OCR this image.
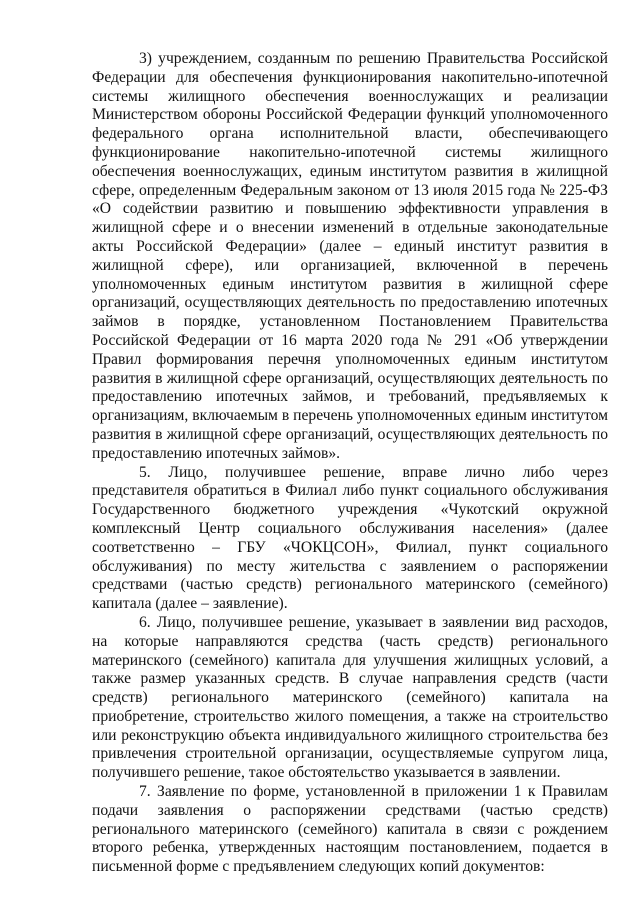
3) учреждением, созданным по решению Правительства Российской Федерации для обеспечения функционирования накопительно-ипотечной системы жилищного обеспечения военнослужащих и реализации Министерством обороны Российской Федерации функций уполномоченного федерального органа исполнительной власти, обеспечивающего функционирование накопительно-ипотечной системы жилищного обеспечения военнослужащих, единым институтом развития в жилищной сфере, определенным Федеральным законом от 13 июля 2015 года № 225-ФЗ «О содействии развитию и повышению эффективности управления в жилищной сфере и о внесении изменений в отдельные законодательные акты Российской Федерации» (далее – единый институт развития в жилищной сфере), или организацией, включенной в перечень уполномоченных единым институтом развития в жилищной сфере организаций, осуществляющих деятельность по предоставлению ипотечных займов в порядке, установленном Постановлением Правительства Российской Федерации от 16 марта 2020 года № 291 «Об утверждении Правил формирования перечня уполномоченных единым институтом развития в жилищной сфере организаций, осуществляющих деятельность по предоставлению ипотечных займов, и требований, предъявляемых к организациям, включаемым в перечень уполномоченных единым институтом развития в жилищной сфере организаций, осуществляющих деятельность по предоставлению ипотечных займов».

5. Лицо, получившее решение, вправе лично либо через представителя обратиться в Филиал либо пункт социального обслуживания Государственного бюджетного учреждения «Чукотский окружной комплексный Центр социального обслуживания населения» (далее соответственно – ГБУ «ЧОКЦСОН», Филиал, пункт социального обслуживания) по месту жительства с заявлением о распоряжении средствами (частью средств) регионального материнского (семейного) капитала (далее – заявление).

6. Лицо, получившее решение, указывает в заявлении вид расходов, на которые направляются средства (часть средств) регионального материнского (семейного) капитала для улучшения жилищных условий, а также размер указанных средств. В случае направления средств (части средств) регионального материнского (семейного) капитала на приобретение, строительство жилого помещения, а также на строительство или реконструкцию объекта индивидуального жилищного строительства без привлечения строительной организации, осуществляемые супругом лица, получившего решение, такое обстоятельство указывается в заявлении.

7. Заявление по форме, установленной в приложении 1 к Правилам подачи заявления о распоряжении средствами (частью средств) регионального материнского (семейного) капитала в связи с рождением второго ребенка, утвержденных настоящим постановлением, подается в письменной форме с предъявлением следующих копий документов:
